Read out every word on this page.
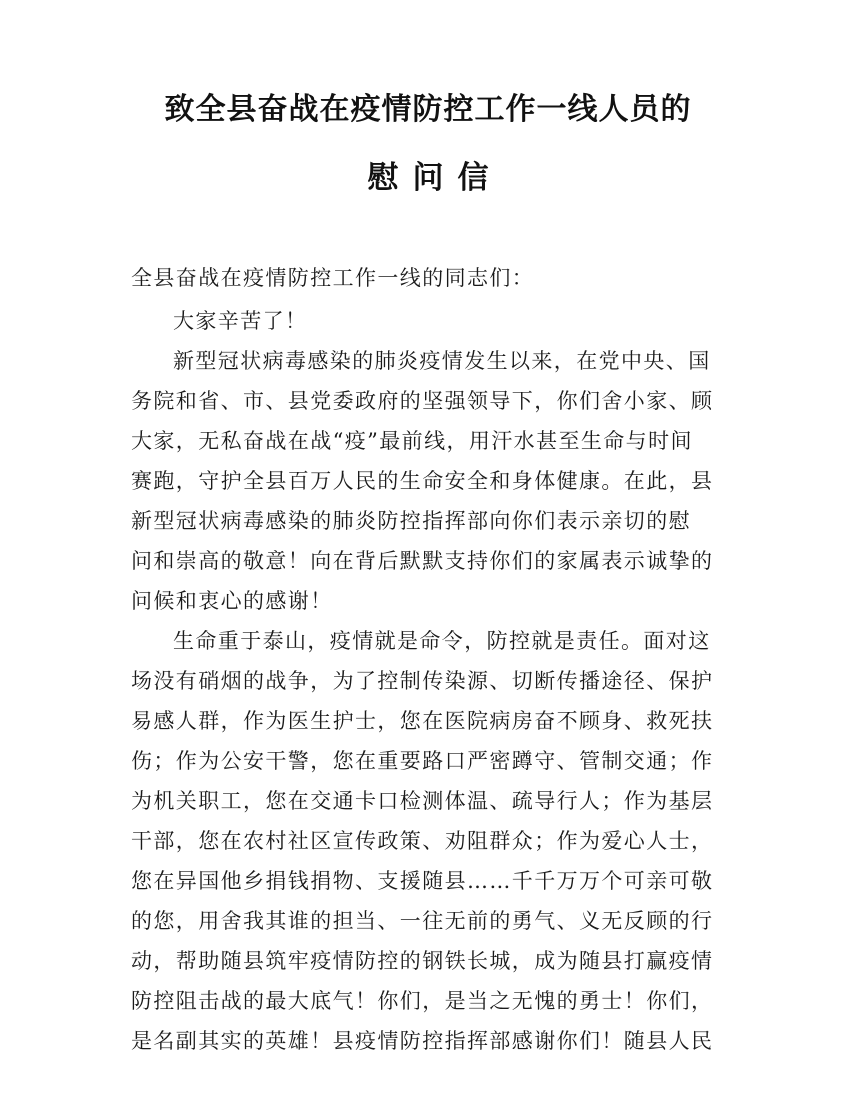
致全县奋战在疫情防控工作一线人员的
慰问信
全县奋战在疫情防控工作一线的同志们：
大家辛苦了！
新型冠状病毒感染的肺炎疫情发生以来，在党中央、国
务院和省、市、县党委政府的坚强领导下，你们舍小家、顾
大家，无私奋战在战“疫”最前线，用汗水甚至生命与时间
赛跑，守护全县百万人民的生命安全和身体健康。在此，县
新型冠状病毒感染的肺炎防控指挥部向你们表示亲切的慰
问和崇高的敬意！向在背后默默支持你们的家属表示诚挚的
问候和衷心的感谢！
生命重于泰山，疫情就是命令，防控就是责任。面对这
场没有硝烟的战争，为了控制传染源、切断传播途径、保护
易感人群，作为医生护士，您在医院病房奋不顾身、救死扶
伤；作为公安干警，您在重要路口严密蹲守、管制交通；作
为机关职工，您在交通卡口检测体温、疏导行人；作为基层
干部，您在农村社区宣传政策、劝阻群众；作为爱心人士，
您在异国他乡捐钱捐物、支援随县……千千万万个可亲可敬
的您，用舍我其谁的担当、一往无前的勇气、义无反顾的行
动，帮助随县筑牢疫情防控的钢铁长城，成为随县打赢疫情
防控阻击战的最大底气！你们，是当之无愧的勇士！你们，
是名副其实的英雄！县疫情防控指挥部感谢你们！随县人民
